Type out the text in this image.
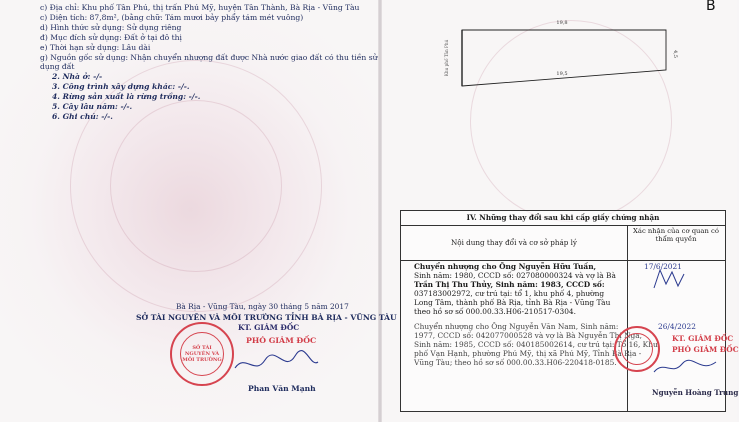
c) Địa chỉ: Khu phố Tân Phú, thị trấn Phú Mỹ, huyện Tân Thành, Bà Rịa - Vũng Tàu
c) Diện tích: 87,8m², (bằng chữ: Tám mươi bảy phẩy tám mét vuông)
d) Hình thức sử dụng: Sử dụng riêng
đ) Mục đích sử dụng: Đất ở tại đô thị
e) Thời hạn sử dụng: Lâu dài
g) Nguồn gốc sử dụng: Nhận chuyển nhượng đất được Nhà nước giao đất có thu tiền sử
dụng đất
2. Nhà ở: -/-
3. Công trình xây dựng khác: -/-.
4. Rừng sản xuất là rừng trồng: -/-.
5. Cây lâu năm: -/-.
6. Ghi chú: -/-.
19,8
19,5
4,5
Khu phố Tân Phú
Bà Rịa - Vũng Tàu, ngày 30 tháng 5 năm 2017
SỞ TÀI NGUYÊN VÀ MÔI TRƯỜNG TỈNH BÀ RỊA - VŨNG TÀU
KT. GIÁM ĐỐC
SỞ TÀI NGUYÊN VÀ MÔI TRƯỜNG
PHÓ GIÁM ĐỐC
Phan Văn Mạnh
B
IV. Những thay đổi sau khi cấp giấy chứng nhận
Nội dung thay đổi và cơ sở pháp lý
Xác nhận của cơ quan có thẩm quyền
Chuyển nhượng cho Ông Nguyễn Hữu Tuấn,
Sinh năm: 1980, CCCD số: 027080000324 và vợ là Bà
Trần Thị Thu Thủy, Sinh năm: 1983, CCCD số:
037183002972, cư trú tại: tổ 1, khu phố 4, phường
Long Tâm, thành phố Bà Rịa, tỉnh Bà Rịa - Vũng Tàu
theo hồ sơ số 000.00.33.H06-210517-0304.
17/6/2021
Chuyển nhượng cho Ông Nguyễn Văn Nam, Sinh năm:
1977, CCCD số: 042077000528 và vợ là Bà Nguyễn Thị Nga,
Sinh năm: 1985, CCCD số: 040185002614, cư trú tại: Tổ 16, Khu
phố Vạn Hạnh, phường Phú Mỹ, thị xã Phú Mỹ, Tỉnh Bà Rịa -
Vũng Tàu; theo hồ sơ số 000.00.33.H06-220418-0185.
26/4/2022
KT. GIÁM ĐỐC
PHÓ GIÁM ĐỐC
Nguyễn Hoàng Trung
